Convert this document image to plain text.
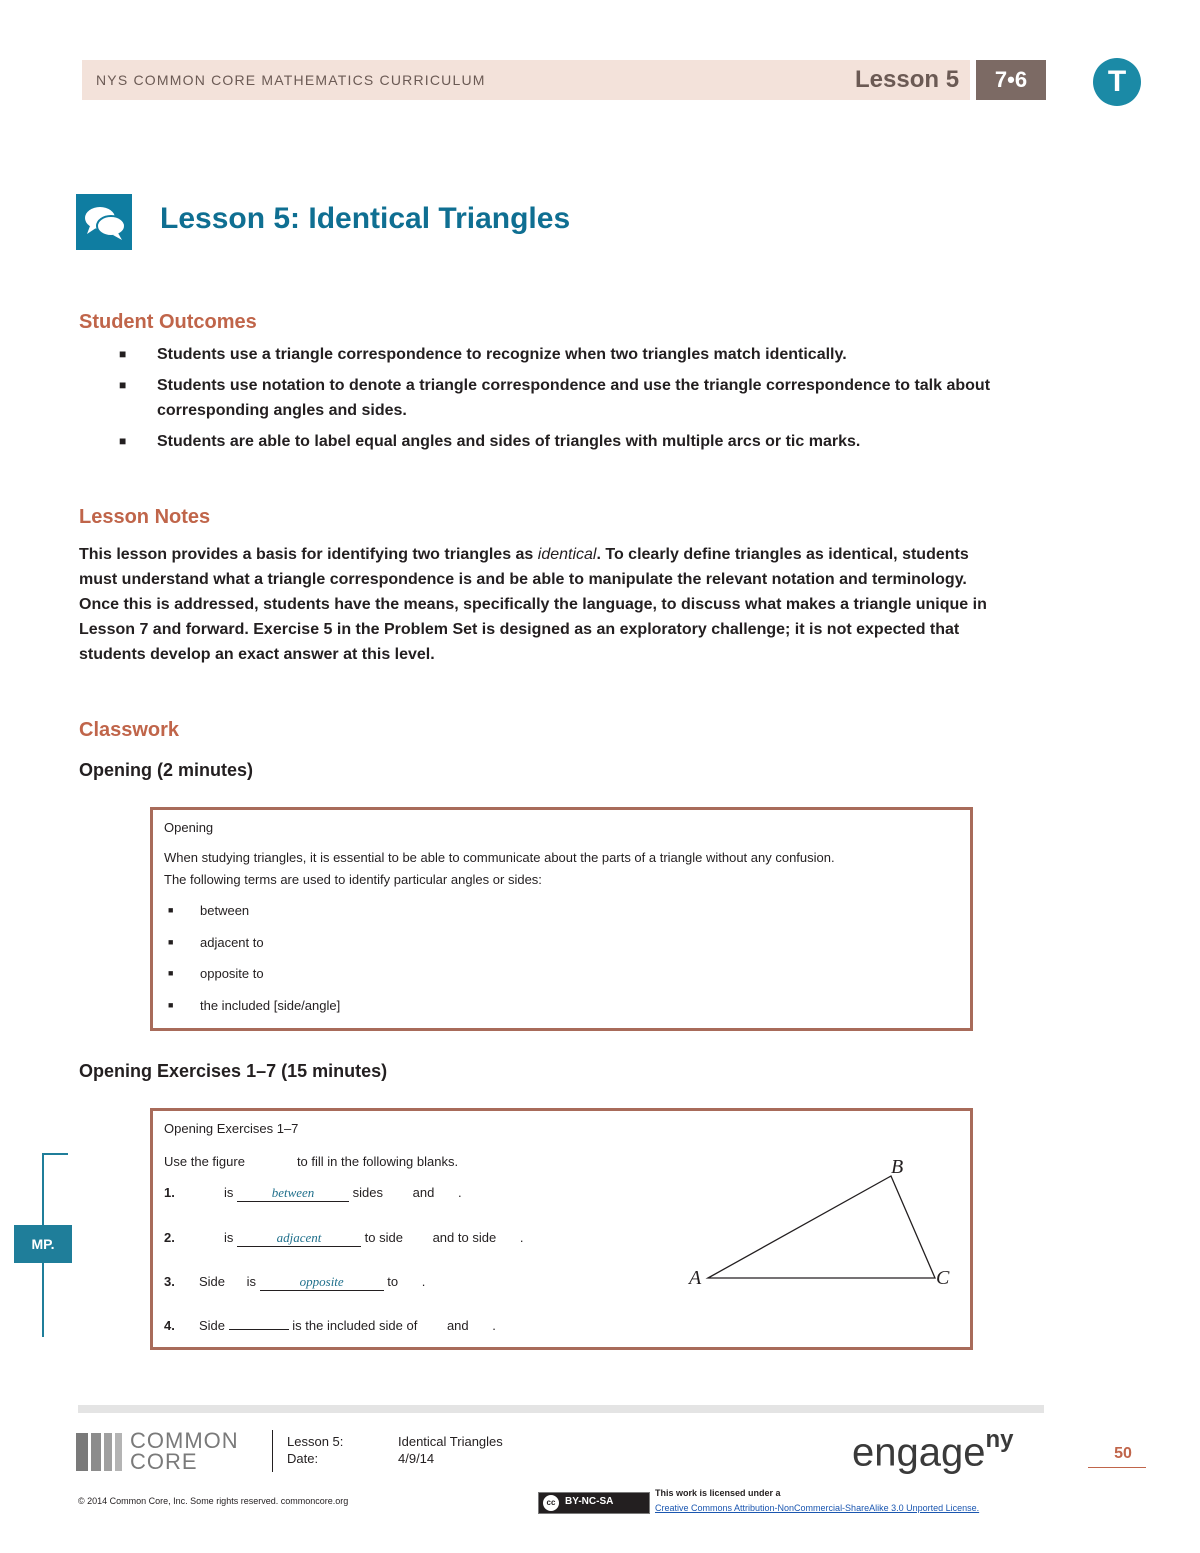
NYS COMMON CORE MATHEMATICS CURRICULUM	Lesson 5	7•6	T
Lesson 5: Identical Triangles
Student Outcomes
■ Students use a triangle correspondence to recognize when two triangles match identically.
■ Students use notation to denote a triangle correspondence and use the triangle correspondence to talk about
corresponding angles and sides.
■ Students are able to label equal angles and sides of triangles with multiple arcs or tic marks.
Lesson Notes
This lesson provides a basis for identifying two triangles as identical. To clearly define triangles as identical, students
must understand what a triangle correspondence is and be able to manipulate the relevant notation and terminology.
Once this is addressed, students have the means, specifically the language, to discuss what makes a triangle unique in
Lesson 7 and forward. Exercise 5 in the Problem Set is designed as an exploratory challenge; it is not expected that
students develop an exact answer at this level.
Classwork
Opening (2 minutes)
Opening
When studying triangles, it is essential to be able to communicate about the parts of a triangle without any confusion.
The following terms are used to identify particular angles or sides:
■ between
■ adjacent to
■ opposite to
■ the included [side/angle]
Opening Exercises 1–7 (15 minutes)
MP.
Opening Exercises 1–7
Use the figure	to fill in the following blanks.
1.	is	between	sides and .
2.	is	adjacent	to side and to side .
3. Side is	opposite	to .
4. Side	is the included side of and .
A
B
C
COMMON
CORE
Lesson 5:	Identical Triangles
Date:	4/9/14	engage$^{ny}$
50
© 2014 Common Core, Inc. Some rights reserved. commoncore.org	cc BY-NC-SA
This work is licensed under a
Creative Commons Attribution-NonCommercial-ShareAlike 3.0 Unported License.
